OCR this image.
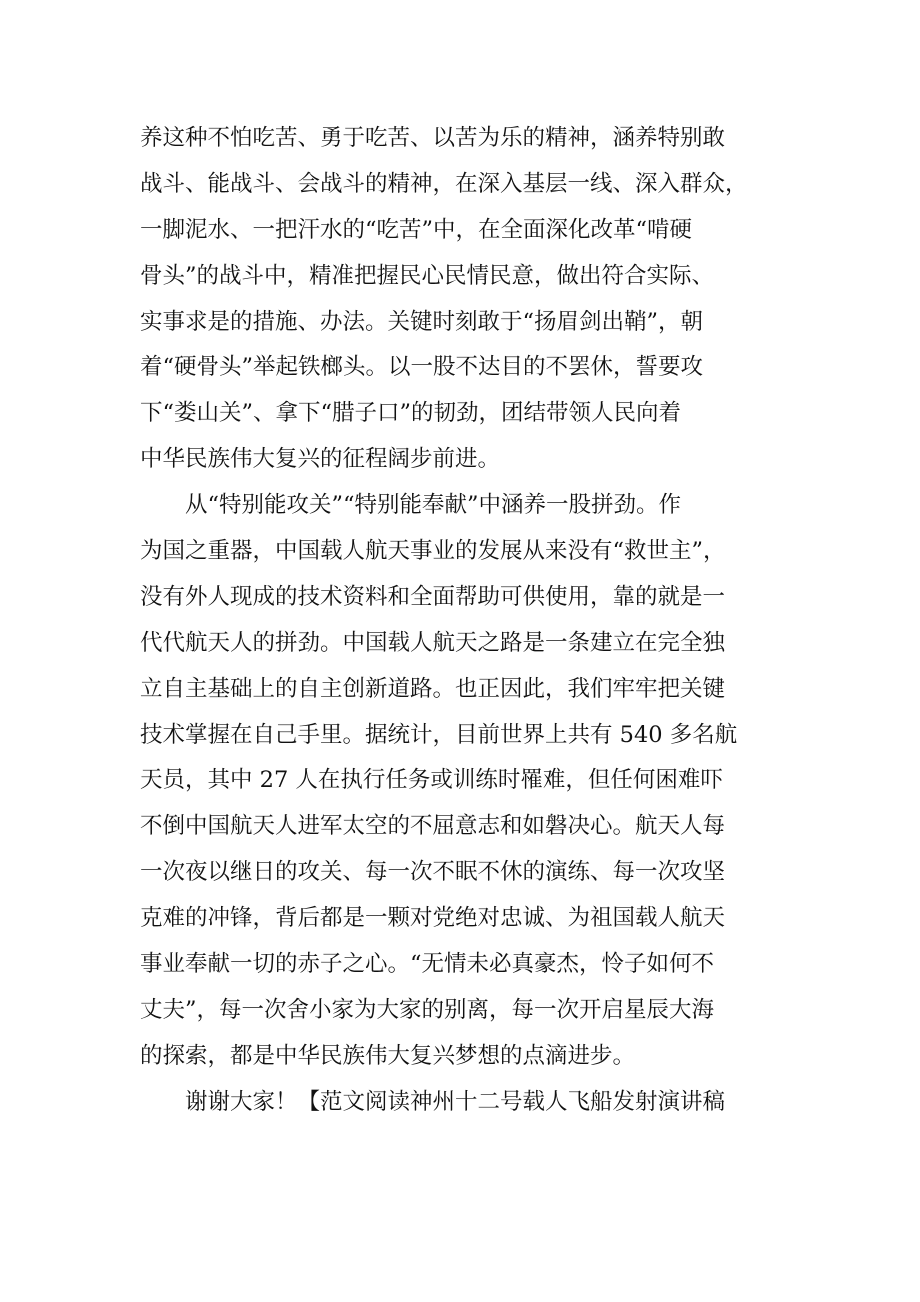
养这种不怕吃苦、勇于吃苦、以苦为乐的精神，涵养特别敢
战斗、能战斗、会战斗的精神，在深入基层一线、深入群众，
一脚泥水、一把汗水的“吃苦”中，在全面深化改革“啃硬
骨头”的战斗中，精准把握民心民情民意，做出符合实际、
实事求是的措施、办法。关键时刻敢于“扬眉剑出鞘”，朝
着“硬骨头”举起铁榔头。以一股不达目的不罢休，誓要攻
下“娄山关”、拿下“腊子口”的韧劲，团结带领人民向着
中华民族伟大复兴的征程阔步前进。
从“特别能攻关”“特别能奉献”中涵养一股拼劲。作
为国之重器，中国载人航天事业的发展从来没有“救世主”，
没有外人现成的技术资料和全面帮助可供使用，靠的就是一
代代航天人的拼劲。中国载人航天之路是一条建立在完全独
立自主基础上的自主创新道路。也正因此，我们牢牢把关键
技术掌握在自己手里。据统计，目前世界上共有 540 多名航
天员，其中 27 人在执行任务或训练时罹难，但任何困难吓
不倒中国航天人进军太空的不屈意志和如磐决心。航天人每
一次夜以继日的攻关、每一次不眠不休的演练、每一次攻坚
克难的冲锋，背后都是一颗对党绝对忠诚、为祖国载人航天
事业奉献一切的赤子之心。“无情未必真豪杰，怜子如何不
丈夫”，每一次舍小家为大家的别离，每一次开启星辰大海
的探索，都是中华民族伟大复兴梦想的点滴进步。
谢谢大家！【范文阅读神州十二号载人飞船发射演讲稿
